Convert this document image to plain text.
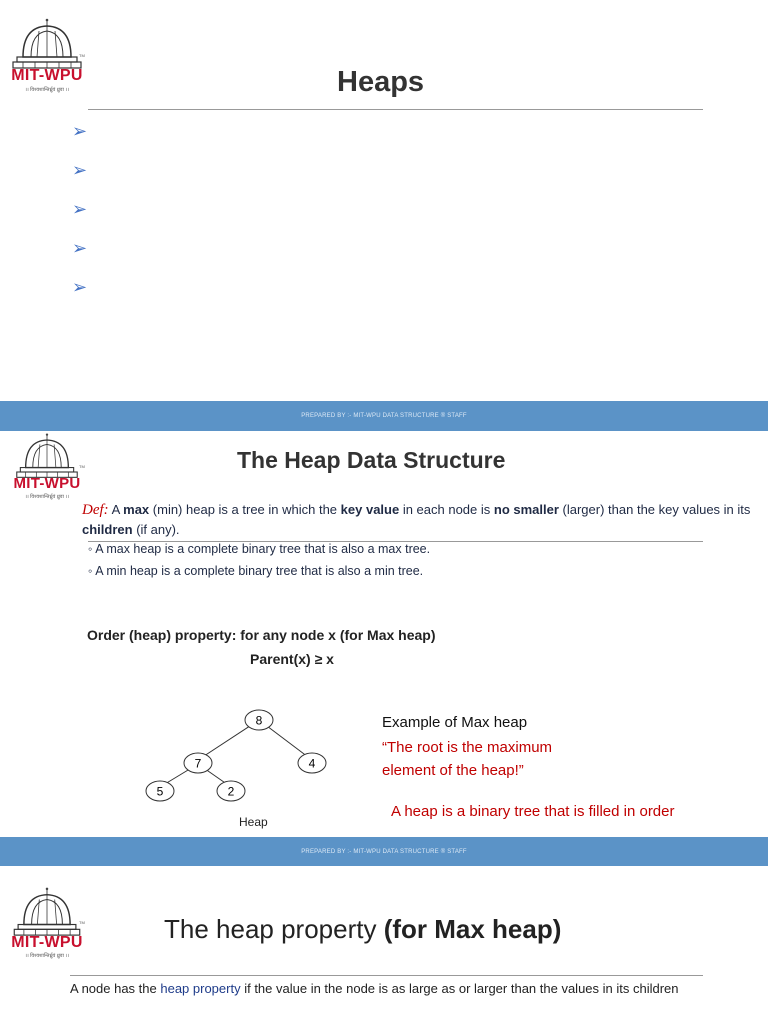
TM
MIT-WPU
।। विश्वशान्तिर्ध्रुवं ध्रुवा ।।	Heaps
➢
➢
➢
➢
➢
PREPARED BY :- MIT-WPU DATA STRUCTURE ® STAFF
TM
MIT-WPU
।। विश्वशान्तिर्ध्रुवं ध्रुवा ।।
The Heap Data Structure
Def: A max (min) heap is a tree in which the key value in each node is no smaller (larger) than the key values in its children (if any).
◦ A max heap is a complete binary tree that is also a max tree.
◦ A min heap is a complete binary tree that is also a min tree.
Order (heap) property: for any node x (for Max heap)
Parent(x) ≥ x
8
7	4
5	2
Heap
Example of Max heap
“The root is the maximum
element of the heap!”
A heap is a binary tree that is filled in order
PREPARED BY :- MIT-WPU DATA STRUCTURE ® STAFF
TM
MIT-WPU
।। विश्वशान्तिर्ध्रुवं ध्रुवा ।।
The heap property (for Max heap)
A node has the heap property if the value in the node is as large as or larger than the values in its children
